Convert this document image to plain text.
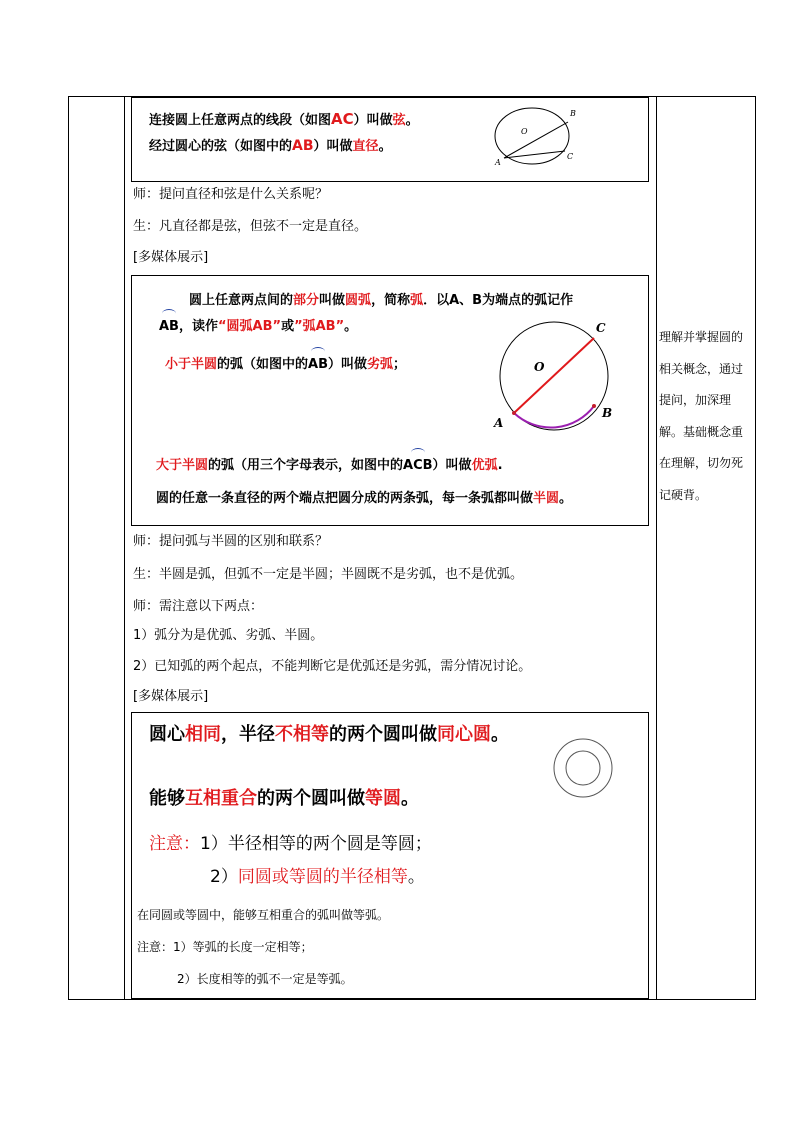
连接圆上任意两点的线段（如图AC）叫做弦。
经过圆心的弦（如图中的AB）叫做直径。
O
A
B
C
师：提问直径和弦是什么关系呢？
生：凡直径都是弦，但弦不一定是直径。
[多媒体展示]
圆上任意两点间的部分叫做圆弧，简称弧．以A、B为端点的弧记作
AB，读作“圆弧AB”或”弧AB”。
小于半圆的弧（如图中的
AB）叫做劣弧；
大于半圆的弧（用三个字母表示，如图中的
ACB）叫做优弧.
圆的任意一条直径的两个端点把圆分成的两条弧，每一条弧都叫做半圆。
O
A
B
C
师：提问弧与半圆的区别和联系？
生：半圆是弧，但弧不一定是半圆；半圆既不是劣弧，也不是优弧。
师：需注意以下两点：
1）弧分为是优弧、劣弧、半圆。
2）已知弧的两个起点，不能判断它是优弧还是劣弧，需分情况讨论。
[多媒体展示]
圆心相同，半径不相等的两个圆叫做同心圆。
能够互相重合的两个圆叫做等圆。
注意：1）半径相等的两个圆是等圆；
2）同圆或等圆的半径相等。
在同圆或等圆中，能够互相重合的弧叫做等弧。
注意：1）等弧的长度一定相等；
2）长度相等的弧不一定是等弧。
理解并掌握圆的相关概念，通过提问，加深理解。基础概念重在理解，切勿死记硬背。
